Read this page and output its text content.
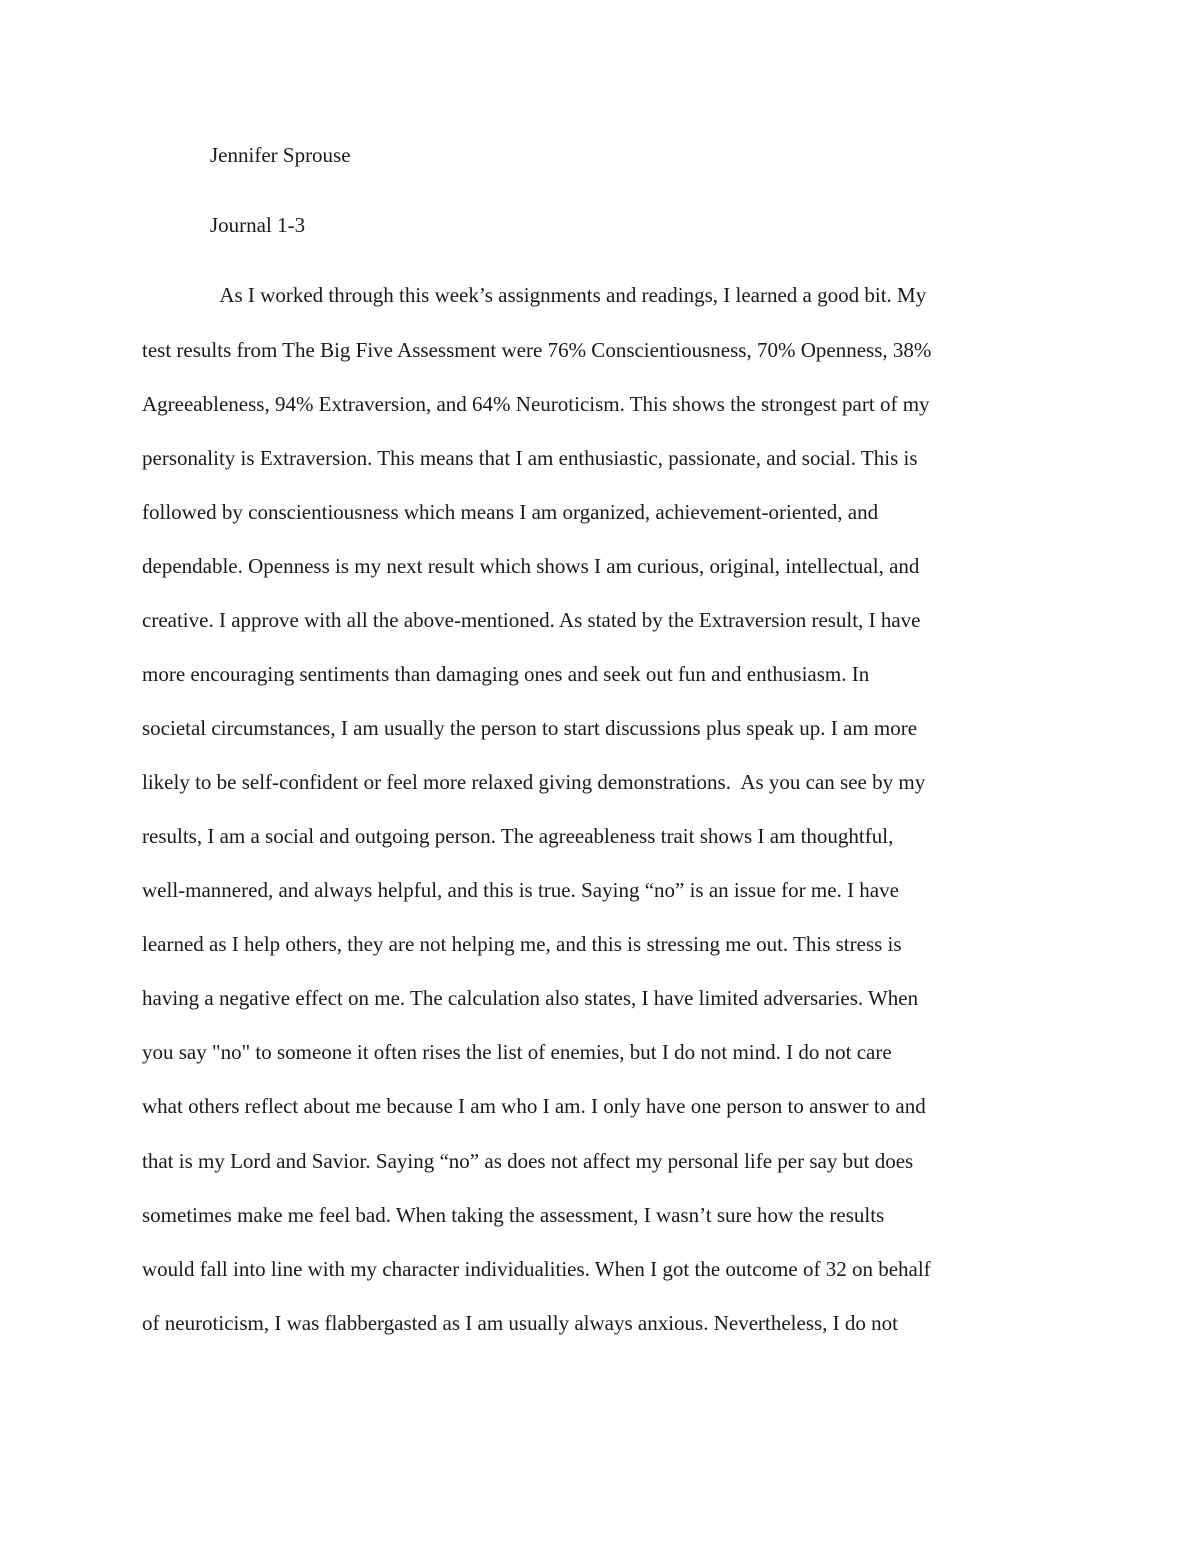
Jennifer Sprouse

Journal 1-3

As I worked through this week’s assignments and readings, I learned a good bit. My

test results from The Big Five Assessment were 76% Conscientiousness, 70% Openness, 38%

Agreeableness, 94% Extraversion, and 64% Neuroticism. This shows the strongest part of my

personality is Extraversion. This means that I am enthusiastic, passionate, and social. This is

followed by conscientiousness which means I am organized, achievement-oriented, and

dependable. Openness is my next result which shows I am curious, original, intellectual, and

creative. I approve with all the above-mentioned. As stated by the Extraversion result, I have

more encouraging sentiments than damaging ones and seek out fun and enthusiasm. In

societal circumstances, I am usually the person to start discussions plus speak up. I am more

likely to be self-confident or feel more relaxed giving demonstrations.  As you can see by my

results, I am a social and outgoing person. The agreeableness trait shows I am thoughtful,

well-mannered, and always helpful, and this is true. Saying “no” is an issue for me. I have

learned as I help others, they are not helping me, and this is stressing me out. This stress is

having a negative effect on me. The calculation also states, I have limited adversaries. When

you say "no" to someone it often rises the list of enemies, but I do not mind. I do not care

what others reflect about me because I am who I am. I only have one person to answer to and

that is my Lord and Savior. Saying “no” as does not affect my personal life per say but does

sometimes make me feel bad. When taking the assessment, I wasn’t sure how the results

would fall into line with my character individualities. When I got the outcome of 32 on behalf

of neuroticism, I was flabbergasted as I am usually always anxious. Nevertheless, I do not
